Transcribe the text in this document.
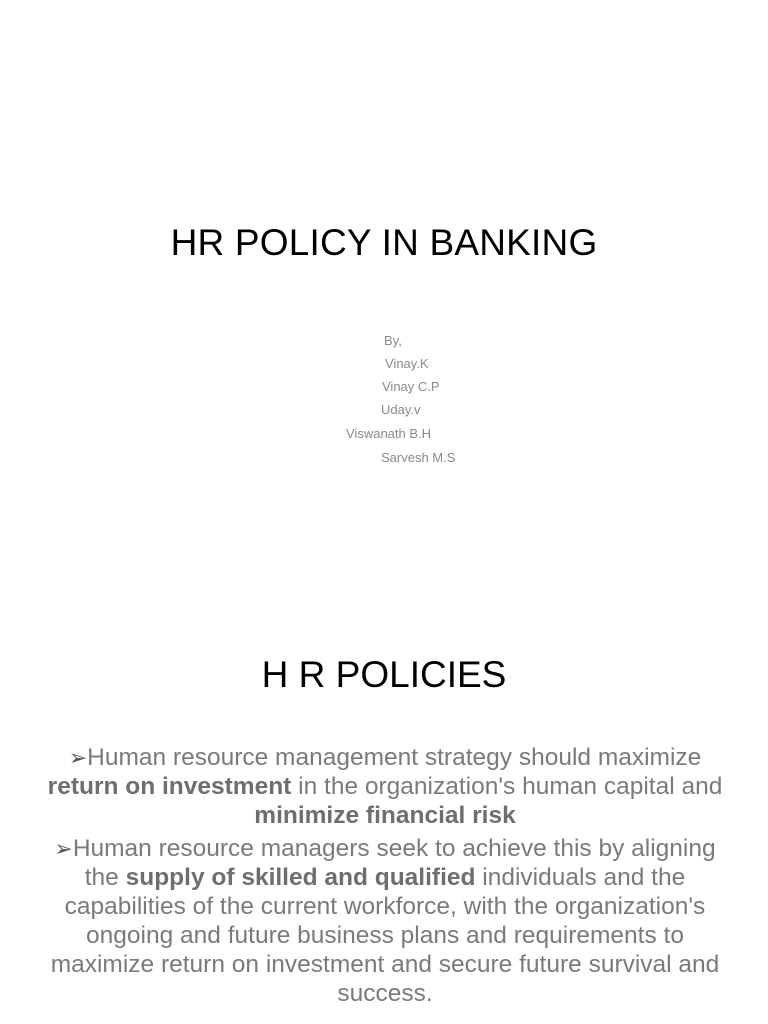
HR POLICY IN BANKING

By,

Vinay.K

Vinay C.P

Uday.v

Viswanath B.H

Sarvesh M.S

H R POLICIES
➢Human resource management strategy should maximize return on investment in the organization's human capital and minimize financial risk
➢Human resource managers seek to achieve this by aligning the supply of skilled and qualified individuals and the capabilities of the current workforce, with the organization's ongoing and future business plans and requirements to maximize return on investment and secure future survival and success.
